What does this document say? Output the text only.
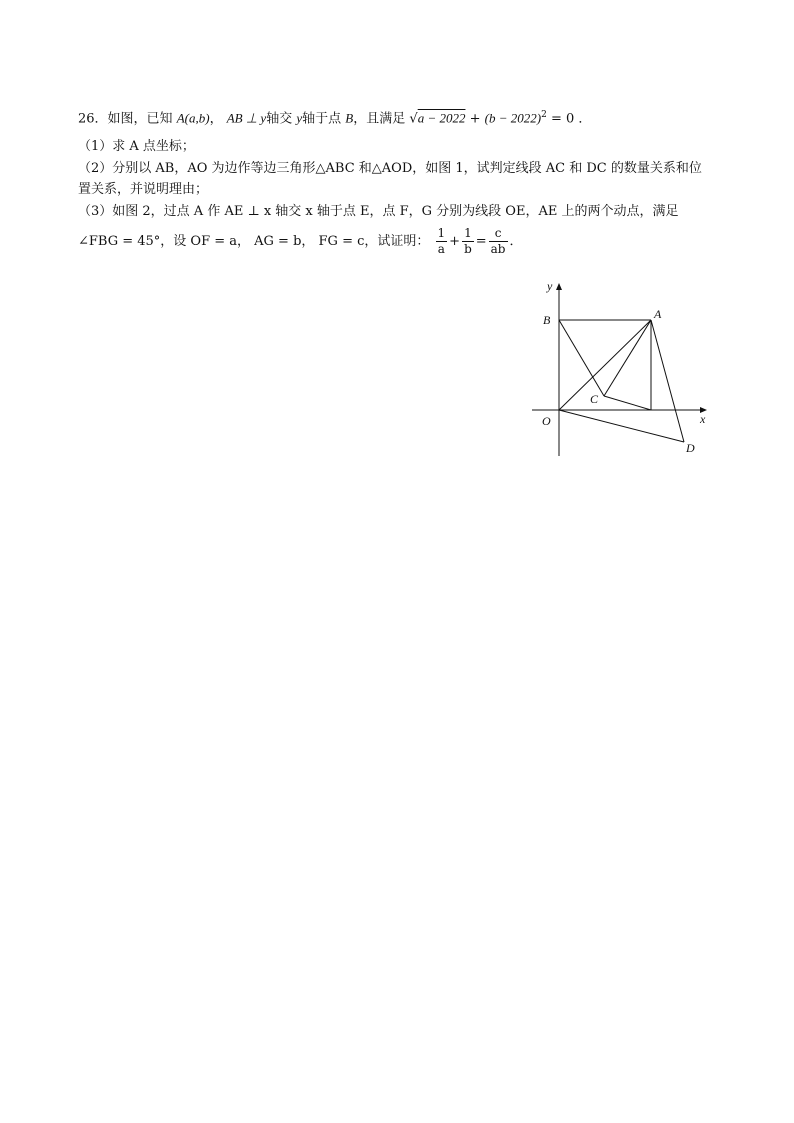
26．如图，已知 A(a,b)， AB ⊥ y轴交 y轴于点 B，且满足 $√a - 2022 + (b - 2022)^2 = 0$ ．
（1）求 A 点坐标；
（2）分别以 AB，AO 为边作等边三角形△ABC 和△AOD，如图 1，试判定线段 AC 和 DC 的数量关系和位
置关系，并说明理由；
（3）如图 2，过点 A 作 AE ⊥ x 轴交 x 轴于点 E，点 F，G 分别为线段 OE，AE 上的两个动点，满足
∠FBG = 45°，设 OF = a， AG = b， FG = c，试证明： $\frac{1}{a} + \frac{1}{b} = \frac{c}{ab}$ ．
y
x
O
A
B
C
D
